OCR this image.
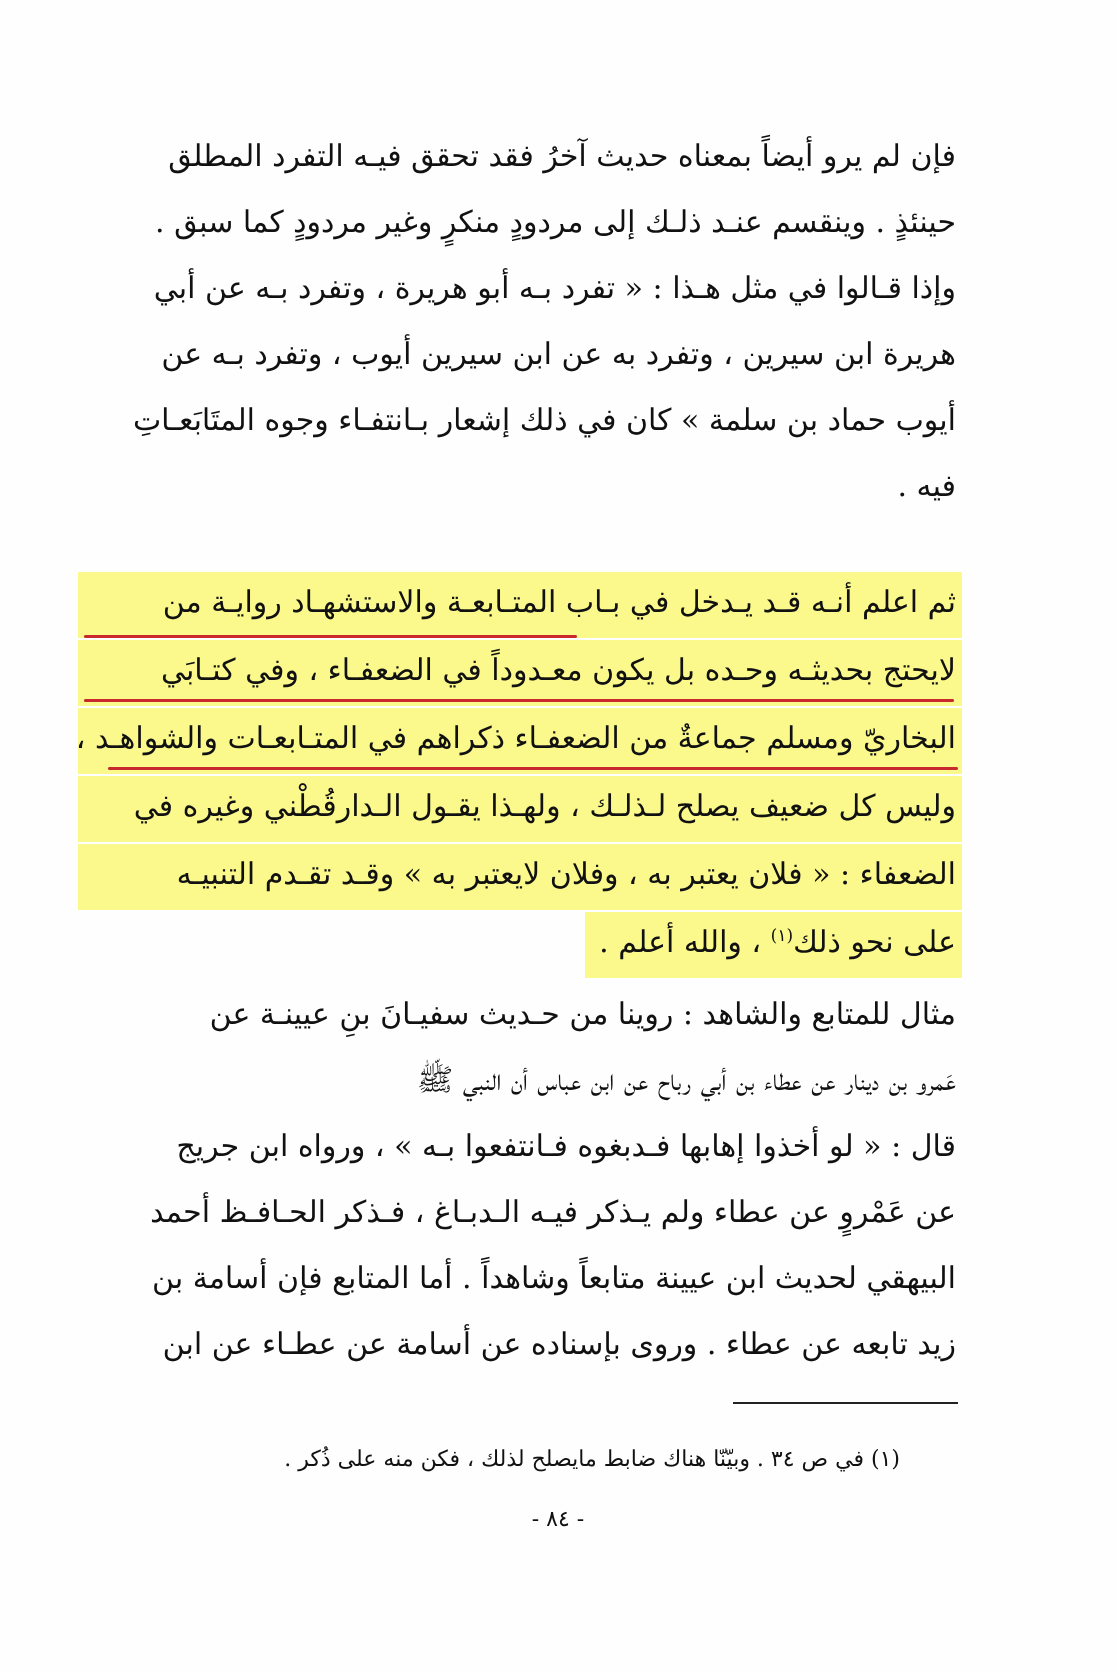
فإن لم يرو أيضاً بمعناه حديث آخرُ فقد تحقق فيـه التفرد المطلق
حينئذٍ . وينقسم عنـد ذلـك إلى مردودٍ منكرٍ وغير مردودٍ كما سبق .
وإذا قـالوا في مثل هـذا : « تفرد بـه أبو هريرة ، وتفرد بـه عن أبي
هريرة ابن سيرين ، وتفرد به عن ابن سيرين أيوب ، وتفرد بـه عن
أيوب حماد بن سلمة » كان في ذلك إشعار بـانتفـاء وجوه المتَابَعـاتِ
فيه .
ثم اعلم أنـه قـد يـدخل في بـاب المتـابعـة والاستشهـاد روايـة من
لايحتج بحديثـه وحـده بل يكون معـدوداً في الضعفـاء ، وفي كتـابَي
البخاريّ ومسلم جماعةٌ من الضعفـاء ذكراهم في المتـابعـات والشواهـد ،
وليس كل ضعيف يصلح لـذلـك ، ولهـذا يقـول الـدارقُطْني وغيره في
الضعفاء : « فلان يعتبر به ، وفلان لايعتبر به » وقـد تقـدم التنبيـه
على نحو ذلك$^{(١)}$ ، والله أعلم .
مثال للمتابع والشاهد : روينا من حـديث سفيـانَ بنِ عيينـة عن
عَمرو بن دينار عن عطاء بن أبي رباح عن ابن عباس أن النبي ﷺ
قال : « لو أخذوا إهابها فـدبغوه فـانتفعوا بـه » ، ورواه ابن جريج
عن عَمْروٍ عن عطاء ولم يـذكر فيـه الـدبـاغ ، فـذكر الحـافـظ أحمد
البيهقي لحديث ابن عيينة متابعاً وشاهداً . أما المتابع فإن أسامة بن
زيد تابعه عن عطاء . وروى بإسناده عن أسامة عن عطـاء عن ابن
(١) في ص ٣٤ . وبيّنّا هناك ضابط مايصلح لذلك ، فكن منه على ذُكر .
- ٨٤ -
